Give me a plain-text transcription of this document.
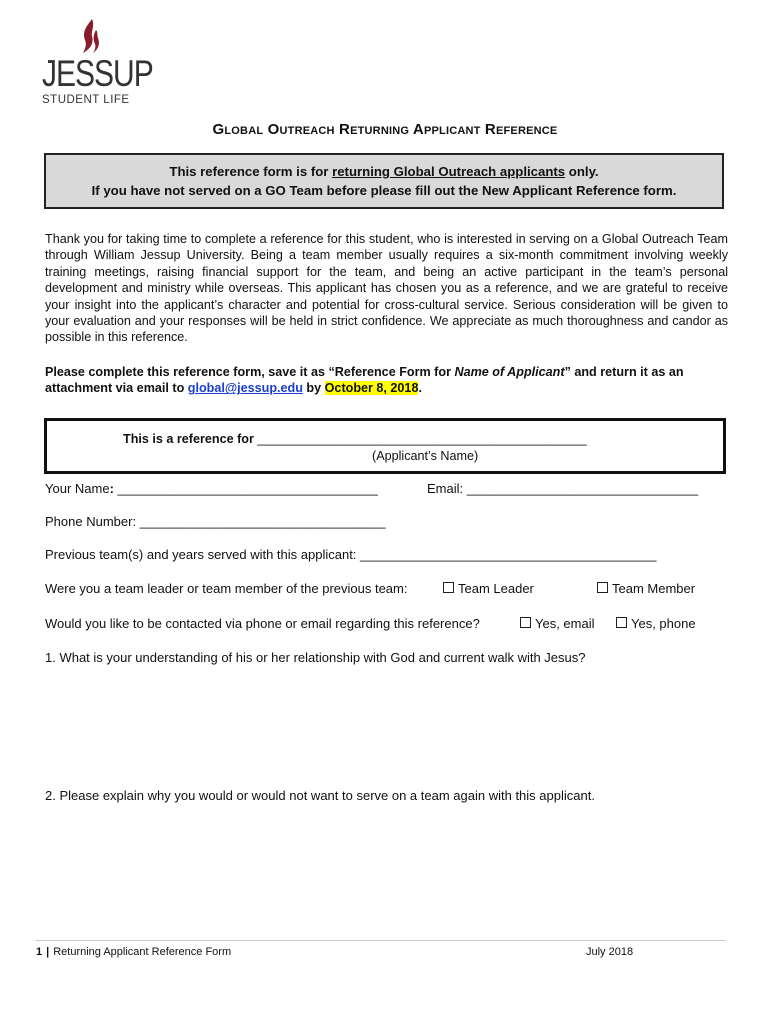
JESSUP
STUDENT LIFE
Global Outreach Returning Applicant Reference
This reference form is for returning Global Outreach applicants only.
If you have not served on a GO Team before please fill out the New Applicant Reference form.
Thank you for taking time to complete a reference for this student, who is interested in serving on a Global Outreach Team through William Jessup University. Being a team member usually requires a six-month commitment involving weekly training meetings, raising financial support for the team, and being an active participant in the team’s personal development and ministry while overseas. This applicant has chosen you as a reference, and we are grateful to receive your insight into the applicant’s character and potential for cross-cultural service. Serious consideration will be given to your evaluation and your responses will be held in strict confidence. We appreciate as much thoroughness and candor as possible in this reference.
Please complete this reference form, save it as “Reference Form for Name of Applicant” and return it as an attachment via email to global@jessup.edu by October 8, 2018.
This is a reference for _______________________________________________
(Applicant’s Name)
Your Name: ____________________________________	Email: ________________________________
Phone Number: __________________________________
Previous team(s) and years served with this applicant: _________________________________________
Were you a team leader or team member of the previous team:	Team Leader	Team Member
Would you like to be contacted via phone or email regarding this reference?	Yes, email	Yes, phone
1. What is your understanding of his or her relationship with God and current walk with Jesus?
2. Please explain why you would or would not want to serve on a team again with this applicant.
1 | Returning Applicant Reference Form	July 2018
